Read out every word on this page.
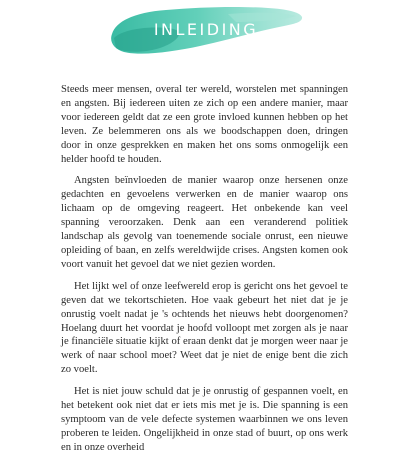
INLEIDING

Steeds meer mensen, overal ter wereld, worstelen met spanningen en angsten. Bij iedereen uiten ze zich op een andere manier, maar voor iedereen geldt dat ze een grote invloed kunnen hebben op het leven. Ze belemmeren ons als we boodschappen doen, dringen door in onze gesprekken en maken het ons soms onmogelijk een helder hoofd te houden.

Angsten beïnvloeden de manier waarop onze hersenen onze gedachten en gevoelens verwerken en de manier waarop ons lichaam op de omgeving reageert. Het onbekende kan veel spanning veroorzaken. Denk aan een veranderend politiek landschap als gevolg van toenemende sociale onrust, een nieuwe opleiding of baan, en zelfs wereldwijde crises. Angsten komen ook voort vanuit het gevoel dat we niet gezien worden.

Het lijkt wel of onze leefwereld erop is gericht ons het gevoel te geven dat we tekortschieten. Hoe vaak gebeurt het niet dat je je onrustig voelt nadat je 's ochtends het nieuws hebt doorgenomen? Hoelang duurt het voordat je hoofd volloopt met zorgen als je naar je financiële situatie kijkt of eraan denkt dat je morgen weer naar je werk of naar school moet? Weet dat je niet de enige bent die zich zo voelt.

Het is niet jouw schuld dat je je onrustig of gespannen voelt, en het betekent ook niet dat er iets mis met je is. Die spanning is een symptoom van de vele defecte systemen waarbinnen we ons leven proberen te leiden. Ongelijkheid in onze stad of buurt, op ons werk en in onze overheid
